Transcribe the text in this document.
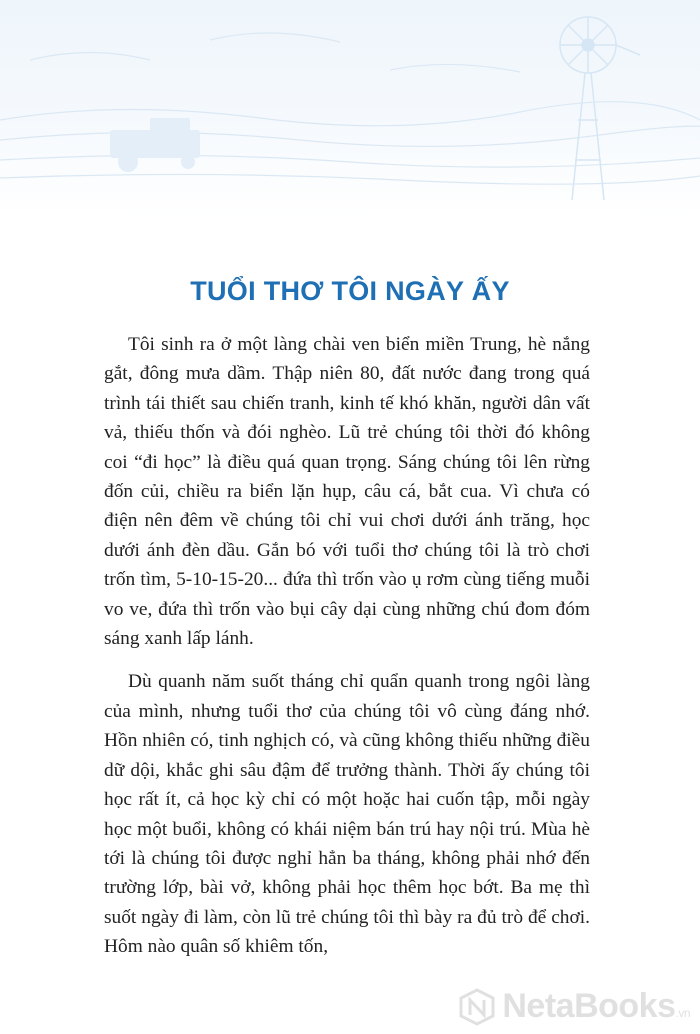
TUỔI THƠ TÔI NGÀY ẤY

Tôi sinh ra ở một làng chài ven biển miền Trung, hè nắng gắt, đông mưa dầm. Thập niên 80, đất nước đang trong quá trình tái thiết sau chiến tranh, kinh tế khó khăn, người dân vất vả, thiếu thốn và đói nghèo. Lũ trẻ chúng tôi thời đó không coi “đi học” là điều quá quan trọng. Sáng chúng tôi lên rừng đốn củi, chiều ra biển lặn hụp, câu cá, bắt cua. Vì chưa có điện nên đêm về chúng tôi chỉ vui chơi dưới ánh trăng, học dưới ánh đèn dầu. Gắn bó với tuổi thơ chúng tôi là trò chơi trốn tìm, 5-10-15-20... đứa thì trốn vào ụ rơm cùng tiếng muỗi vo ve, đứa thì trốn vào bụi cây dại cùng những chú đom đóm sáng xanh lấp lánh.

Dù quanh năm suốt tháng chỉ quẩn quanh trong ngôi làng của mình, nhưng tuổi thơ của chúng tôi vô cùng đáng nhớ. Hồn nhiên có, tinh nghịch có, và cũng không thiếu những điều dữ dội, khắc ghi sâu đậm để trưởng thành. Thời ấy chúng tôi học rất ít, cả học kỳ chỉ có một hoặc hai cuốn tập, mỗi ngày học một buổi, không có khái niệm bán trú hay nội trú. Mùa hè tới là chúng tôi được nghỉ hẳn ba tháng, không phải nhớ đến trường lớp, bài vở, không phải học thêm học bớt. Ba mẹ thì suốt ngày đi làm, còn lũ trẻ chúng tôi thì bày ra đủ trò để chơi. Hôm nào quân số khiêm tốn,

NetaBooks.vn
